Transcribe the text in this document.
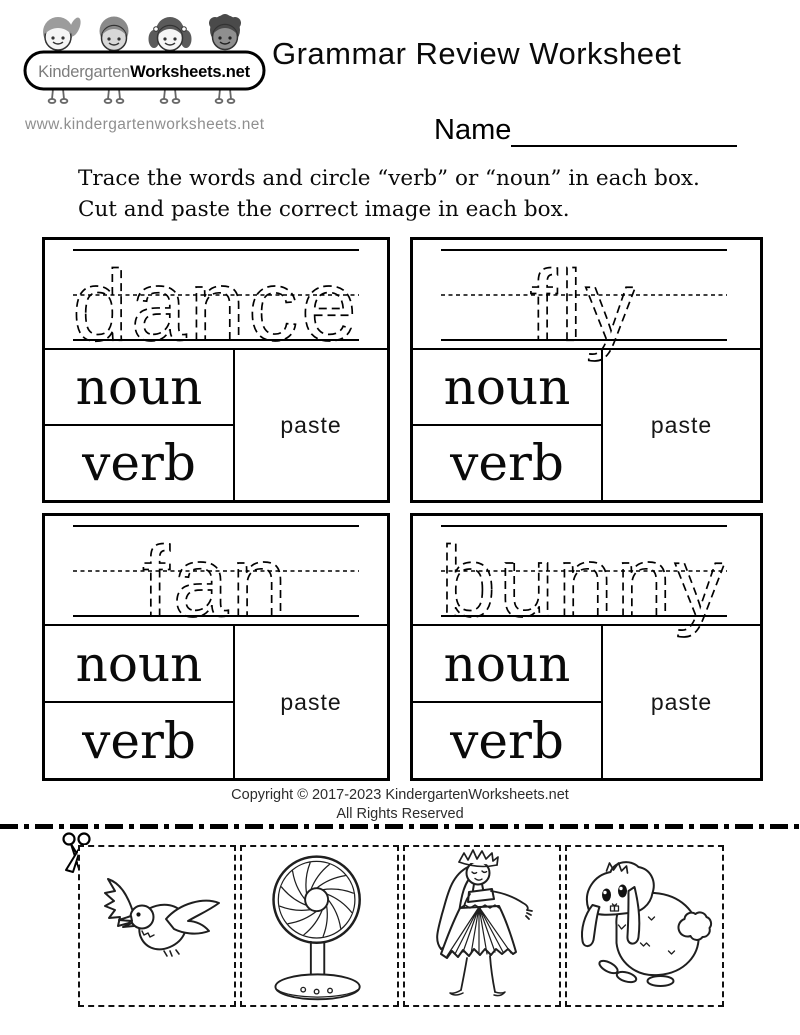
KindergartenWorksheets.net
www.kindergartenworksheets.net
Grammar Review Worksheet
Name
Trace the words and circle “verb” or “noun” in each box.
Cut and paste the correct image in each box.
dance
noun
verb
paste
fly
noun
verb
paste
fan
noun
verb
paste
bunny
noun
verb
paste
Copyright © 2017-2023 KindergartenWorksheets.net
All Rights Reserved
